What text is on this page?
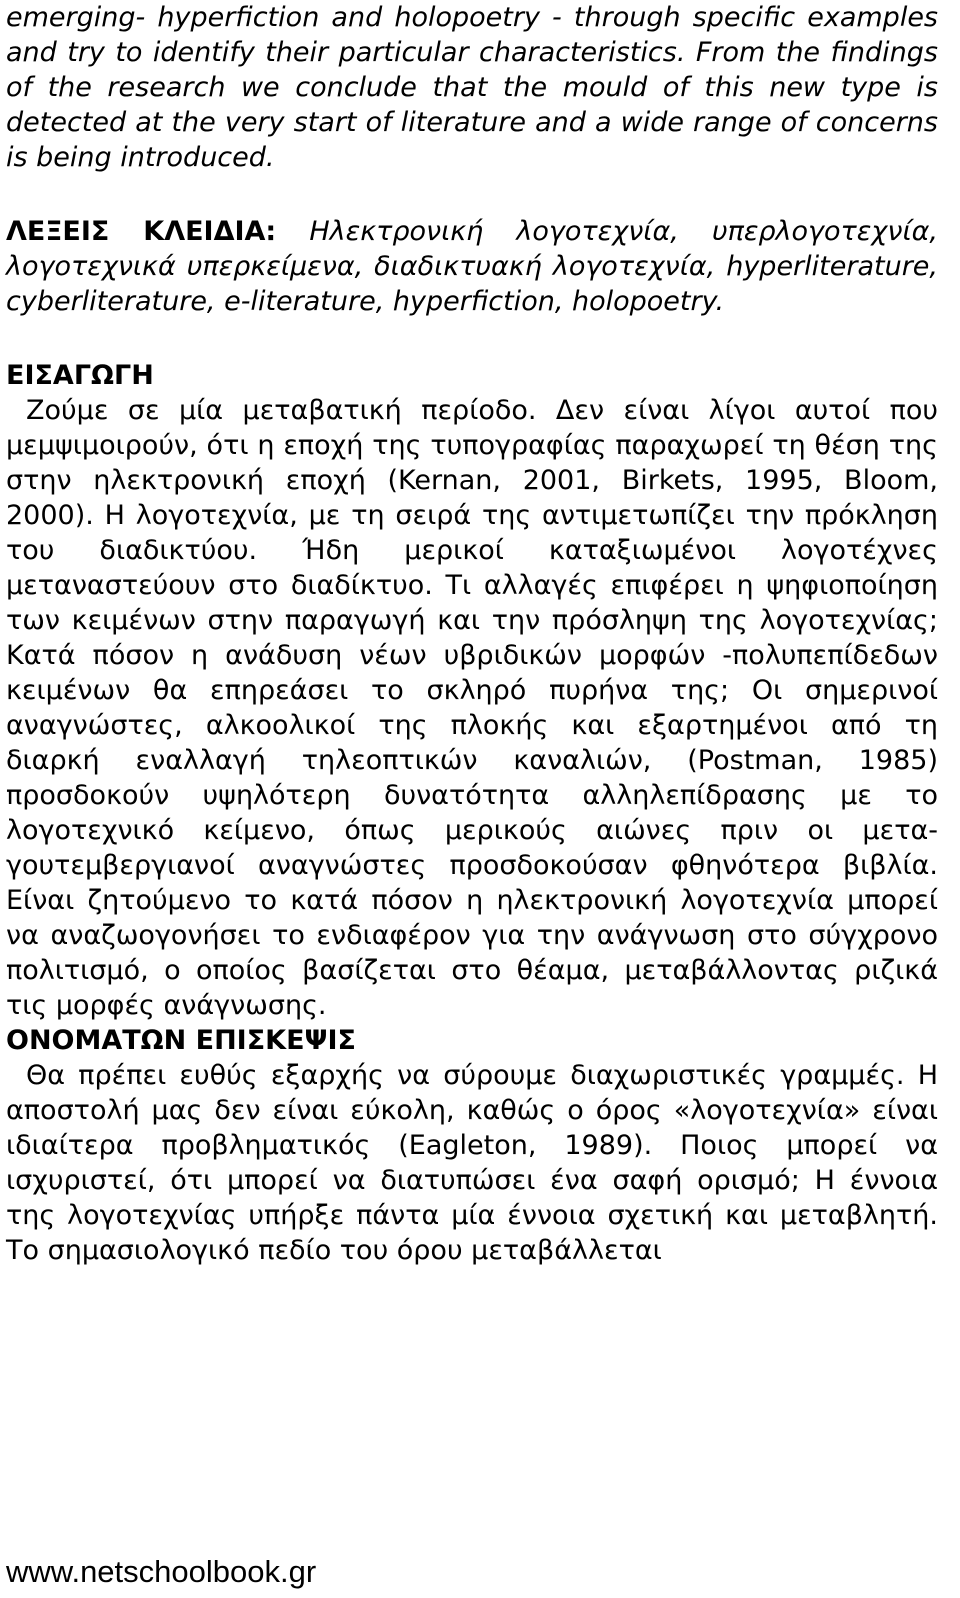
emerging- hyperfiction and holopoetry - through specific examples and try to identify their particular characteristics. From the findings of the research we conclude that the mould of this new type is detected at the very start of literature and a wide range of concerns is being introduced.

ΛΕΞΕΙΣ ΚΛΕΙΔΙΑ: Ηλεκτρονική λογοτεχνία, υπερλογοτεχνία, λογοτεχνικά υπερκείμενα, διαδικτυακή λογοτεχνία, hyperliterature, cyberliterature, e-literature, hyperfiction, holopoetry.

ΕΙΣΑΓΩΓΗ

Ζούμε σε μία μεταβατική περίοδο. Δεν είναι λίγοι αυτοί που μεμψιμοιρούν, ότι η εποχή της τυπογραφίας παραχωρεί τη θέση της στην ηλεκτρονική εποχή (Kernan, 2001, Birkets, 1995, Bloom, 2000). Η λογοτεχνία, με τη σειρά της αντιμετωπίζει την πρόκληση του διαδικτύου. Ήδη μερικοί καταξιωμένοι λογοτέχνες μεταναστεύουν στο διαδίκτυο. Τι αλλαγές επιφέρει η ψηφιοποίηση των κειμένων στην παραγωγή και την πρόσληψη της λογοτεχνίας; Κατά πόσον η ανάδυση νέων υβριδικών μορφών -πολυπεπίδεδων κειμένων θα επηρεάσει το σκληρό πυρήνα της; Οι σημερινοί αναγνώστες, αλκοολικοί της πλοκής και εξαρτημένοι από τη διαρκή εναλλαγή τηλεοπτικών καναλιών, (Postman, 1985) προσδοκούν υψηλότερη δυνατότητα αλληλεπίδρασης με το λογοτεχνικό κείμενο, όπως μερικούς αιώνες πριν οι μετα-γουτεμβεργιανοί αναγνώστες προσδοκούσαν φθηνότερα βιβλία. Είναι ζητούμενο το κατά πόσον η ηλεκτρονική λογοτεχνία μπορεί να αναζωογονήσει το ενδιαφέρον για την ανάγνωση στο σύγχρονο πολιτισμό, ο οποίος βασίζεται στο θέαμα, μεταβάλλοντας ριζικά τις μορφές ανάγνωσης.

ΟΝΟΜΑΤΩΝ ΕΠΙΣΚΕΨΙΣ

Θα πρέπει ευθύς εξαρχής να σύρουμε διαχωριστικές γραμμές. Η αποστολή μας δεν είναι εύκολη, καθώς ο όρος «λογοτεχνία» είναι ιδιαίτερα προβληματικός (Eagleton, 1989). Ποιος μπορεί να ισχυριστεί, ότι μπορεί να διατυπώσει ένα σαφή ορισμό; Η έννοια της λογοτεχνίας υπήρξε πάντα μία έννοια σχετική και μεταβλητή. Το σημασιολογικό πεδίο του όρου μεταβάλλεται

www.netschoolbook.gr
